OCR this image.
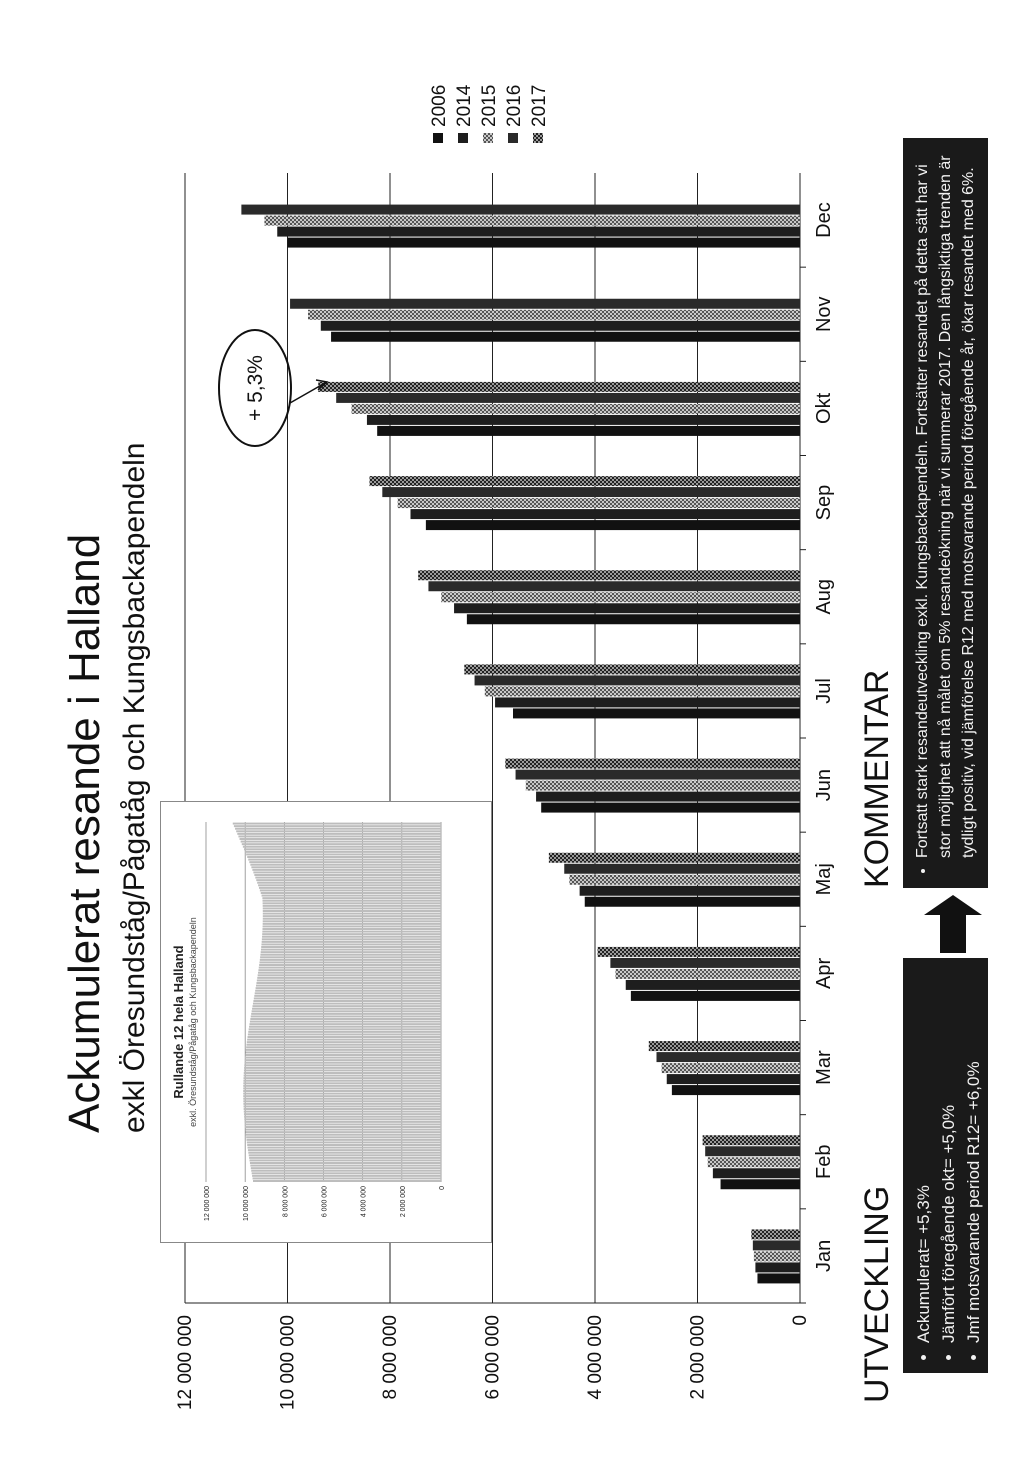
Ackumulerat resande i Halland exkl Öresundståg/Pågatåg och Kungsbackapendeln
0
2 000 000
4 000 000
6 000 000
8 000 000
10 000 000
12 000 000
Jan
Feb
Mar
Apr
Maj
Jun
Jul
Aug
Sep
Okt
Nov
Dec
2006 2014 2015 2016 2017
+ 5,3%
Rullande 12 hela Halland exkl. Öresundståg/Pågatåg och Kungsbackapendeln
0
2 000 000
4 000 000
6 000 000
8 000 000
10 000 000
12 000 000	UTVECKLING • Ackumulerat= +5,3% • Jämfört föregående okt= +5,0% • Jmf motsvarande period R12= +6,0%
KOMMENTAR • Fortsatt stark resandeutveckling exkl. Kungsbackapendeln. Fortsätter resandet på detta sätt har vi stor möjlighet att nå målet om 5% resandeökning när vi summerar 2017. Den långsiktiga trenden är tydligt positiv, vid jämförelse R12 med motsvarande period föregående år, ökar resandet med 6%.
